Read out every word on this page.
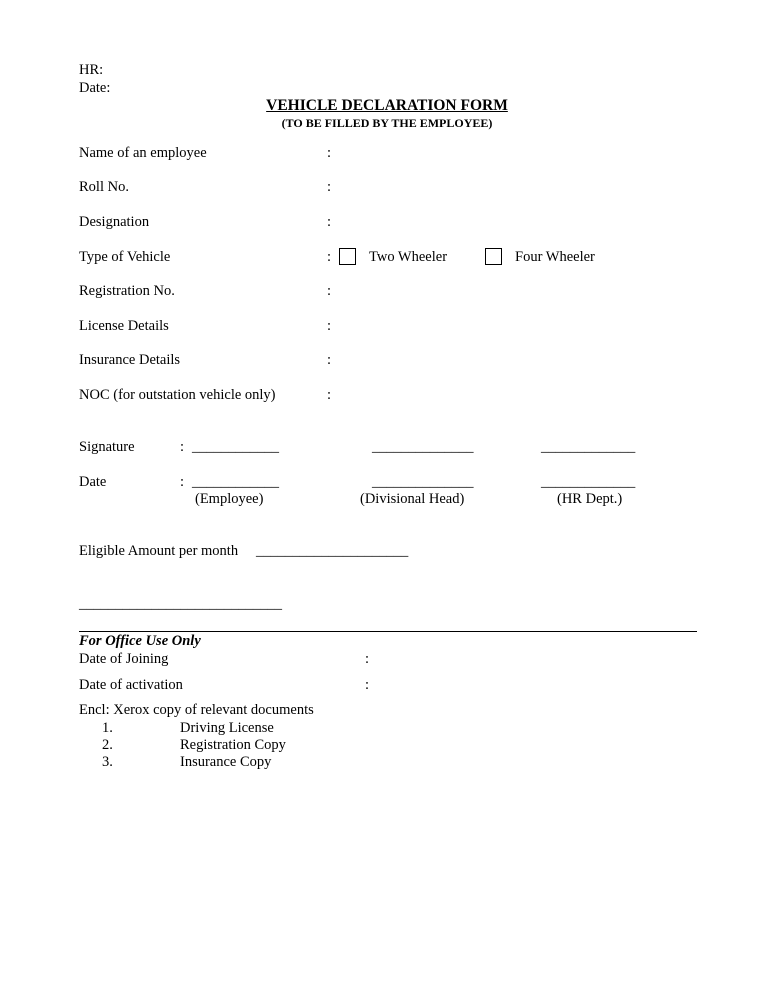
HR:
Date:
VEHICLE DECLARATION FORM
(TO BE FILLED BY THE EMPLOYEE)
Name of an employee	:
Roll No.	:
Designation	:
Type of Vehicle	:	Two Wheeler	Four Wheeler
Registration No.	:
License Details	:
Insurance Details	:
NOC (for outstation vehicle only)	:
Signature	: ____________	______________	_____________
Date	: ____________	______________	_____________
(Employee)	(Divisional Head)	(HR Dept.)
Eligible Amount per month _____________________
____________________________
For Office Use Only
Date of Joining	:
Date of activation	:
Encl: Xerox copy of relevant documents
1.	Driving License
2.	Registration Copy
3.	Insurance Copy
